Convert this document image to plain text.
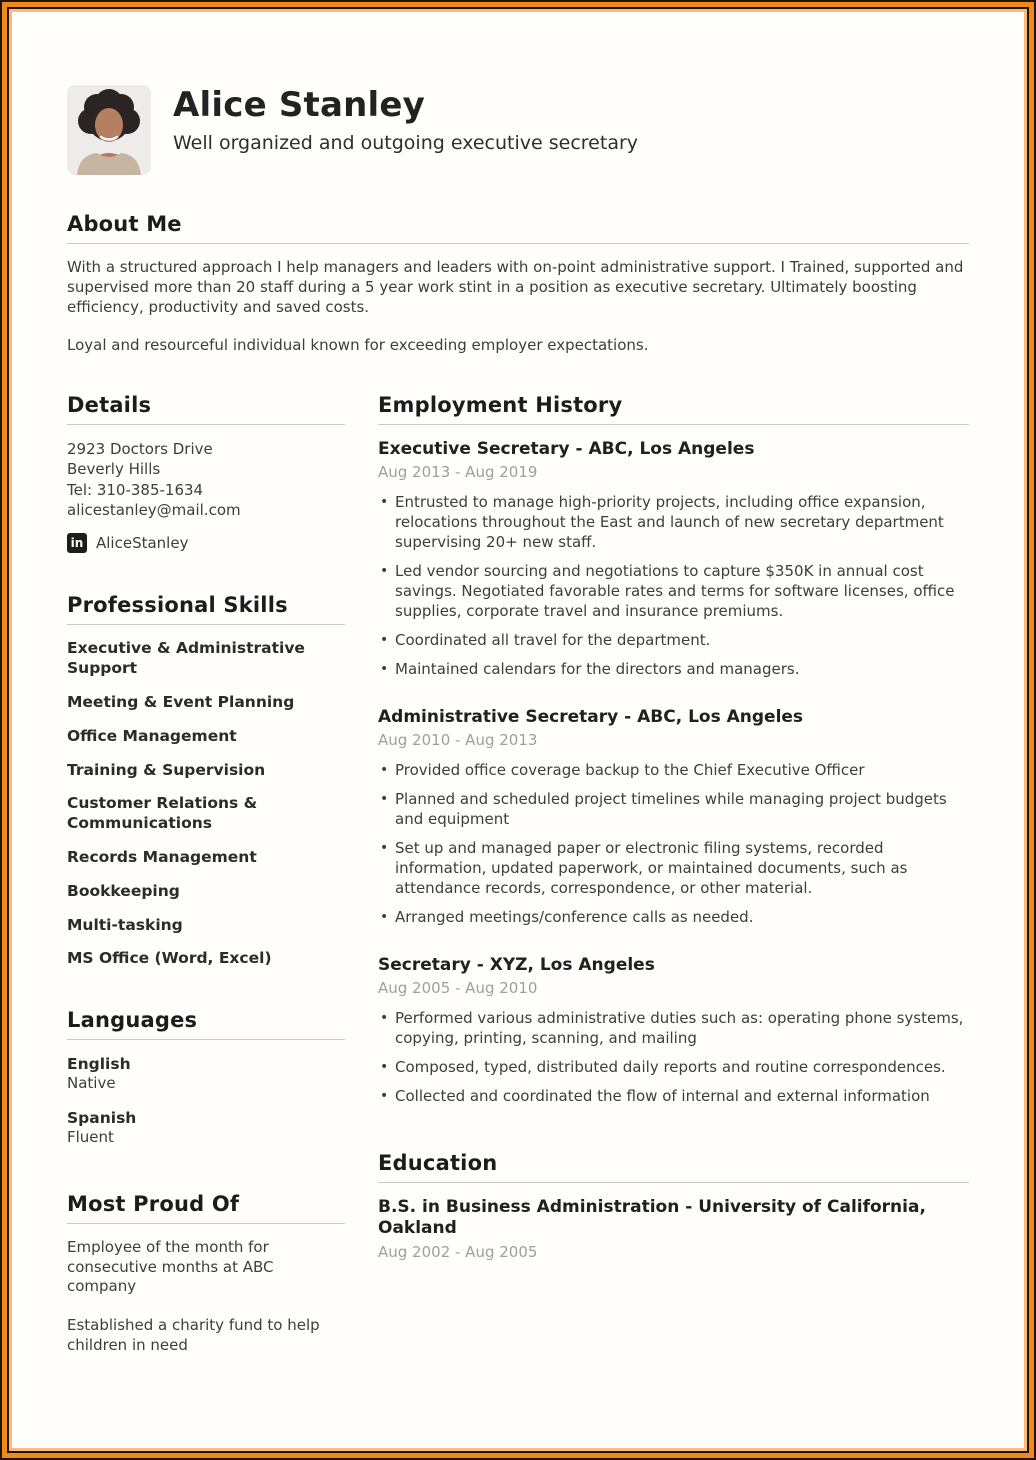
Alice Stanley
Well organized and outgoing executive secretary
About Me

With a structured approach I help managers and leaders with on-point administrative support. I Trained, supported and supervised more than 20 staff during a 5 year work stint in a position as executive secretary. Ultimately boosting efficiency, productivity and saved costs.

Loyal and resourceful individual known for exceeding employer expectations.

Details
2923 Doctors Drive
Beverly Hills
Tel: 310-385-1634
alicestanley@mail.com
in AliceStanley
Professional Skills
Executive & Administrative Support
Meeting & Event Planning
Office Management
Training & Supervision
Customer Relations & Communications
Records Management
Bookkeeping
Multi-tasking
MS Office (Word, Excel)
Languages
English
Native
Spanish
Fluent
Most Proud Of
Employee of the month for consecutive months at ABC company
Established a charity fund to help children in need
Employment History
Executive Secretary - ABC, Los Angeles
Aug 2013 - Aug 2019
• Entrusted to manage high-priority projects, including office expansion, relocations throughout the East and launch of new secretary department supervising 20+ new staff.
• Led vendor sourcing and negotiations to capture $350K in annual cost savings. Negotiated favorable rates and terms for software licenses, office supplies, corporate travel and insurance premiums.
• Coordinated all travel for the department.
• Maintained calendars for the directors and managers.
Administrative Secretary - ABC, Los Angeles
Aug 2010 - Aug 2013
• Provided office coverage backup to the Chief Executive Officer
• Planned and scheduled project timelines while managing project budgets and equipment
• Set up and managed paper or electronic filing systems, recorded information, updated paperwork, or maintained documents, such as attendance records, correspondence, or other material.
• Arranged meetings/conference calls as needed.
Secretary - XYZ, Los Angeles
Aug 2005 - Aug 2010
• Performed various administrative duties such as: operating phone systems, copying, printing, scanning, and mailing
• Composed, typed, distributed daily reports and routine correspondences.
• Collected and coordinated the flow of internal and external information
Education
B.S. in Business Administration - University of California, Oakland
Aug 2002 - Aug 2005
